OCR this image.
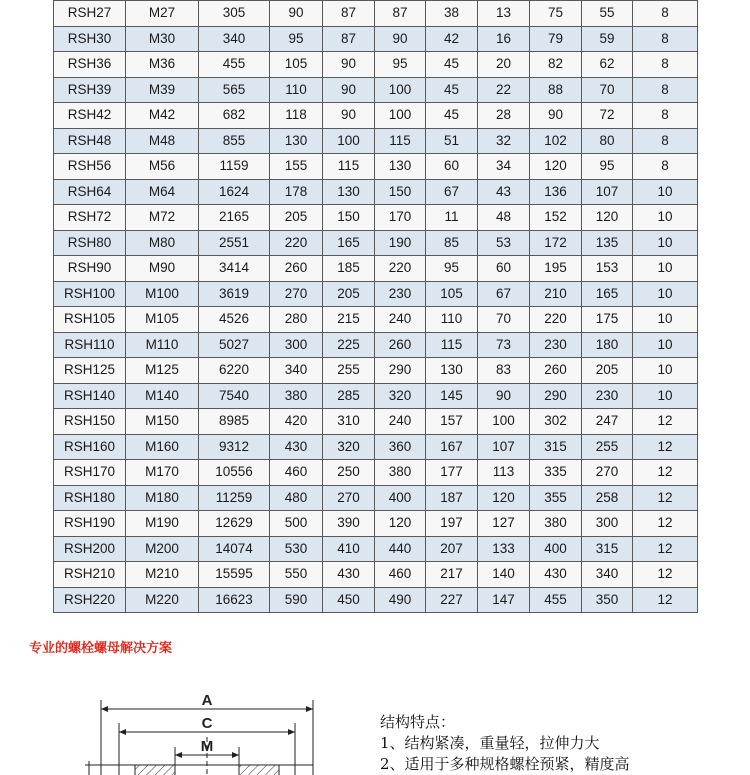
RSH27	M27	305	90	87	87	38	13	75	55	8
RSH30	M30	340	95	87	90	42	16	79	59	8
RSH36	M36	455	105	90	95	45	20	82	62	8
RSH39	M39	565	110	90	100	45	22	88	70	8
RSH42	M42	682	118	90	100	45	28	90	72	8
RSH48	M48	855	130	100	115	51	32	102	80	8
RSH56	M56	1159	155	115	130	60	34	120	95	8
RSH64	M64	1624	178	130	150	67	43	136	107	10
RSH72	M72	2165	205	150	170	11	48	152	120	10
RSH80	M80	2551	220	165	190	85	53	172	135	10
RSH90	M90	3414	260	185	220	95	60	195	153	10
RSH100	M100	3619	270	205	230	105	67	210	165	10
RSH105	M105	4526	280	215	240	110	70	220	175	10
RSH110	M110	5027	300	225	260	115	73	230	180	10
RSH125	M125	6220	340	255	290	130	83	260	205	10
RSH140	M140	7540	380	285	320	145	90	290	230	10
RSH150	M150	8985	420	310	240	157	100	302	247	12
RSH160	M160	9312	430	320	360	167	107	315	255	12
RSH170	M170	10556	460	250	380	177	113	335	270	12
RSH180	M180	11259	480	270	400	187	120	355	258	12
RSH190	M190	12629	500	390	120	197	127	380	300	12
RSH200	M200	14074	530	410	440	207	133	400	315	12
RSH210	M210	15595	550	430	460	217	140	430	340	12
RSH220	M220	16623	590	450	490	227	147	455	350	12
专业的螺栓螺母解决方案
A
C
M
结构特点：
1、结构紧凑，重量轻，拉伸力大
2、适用于多种规格螺栓预紧，精度高
